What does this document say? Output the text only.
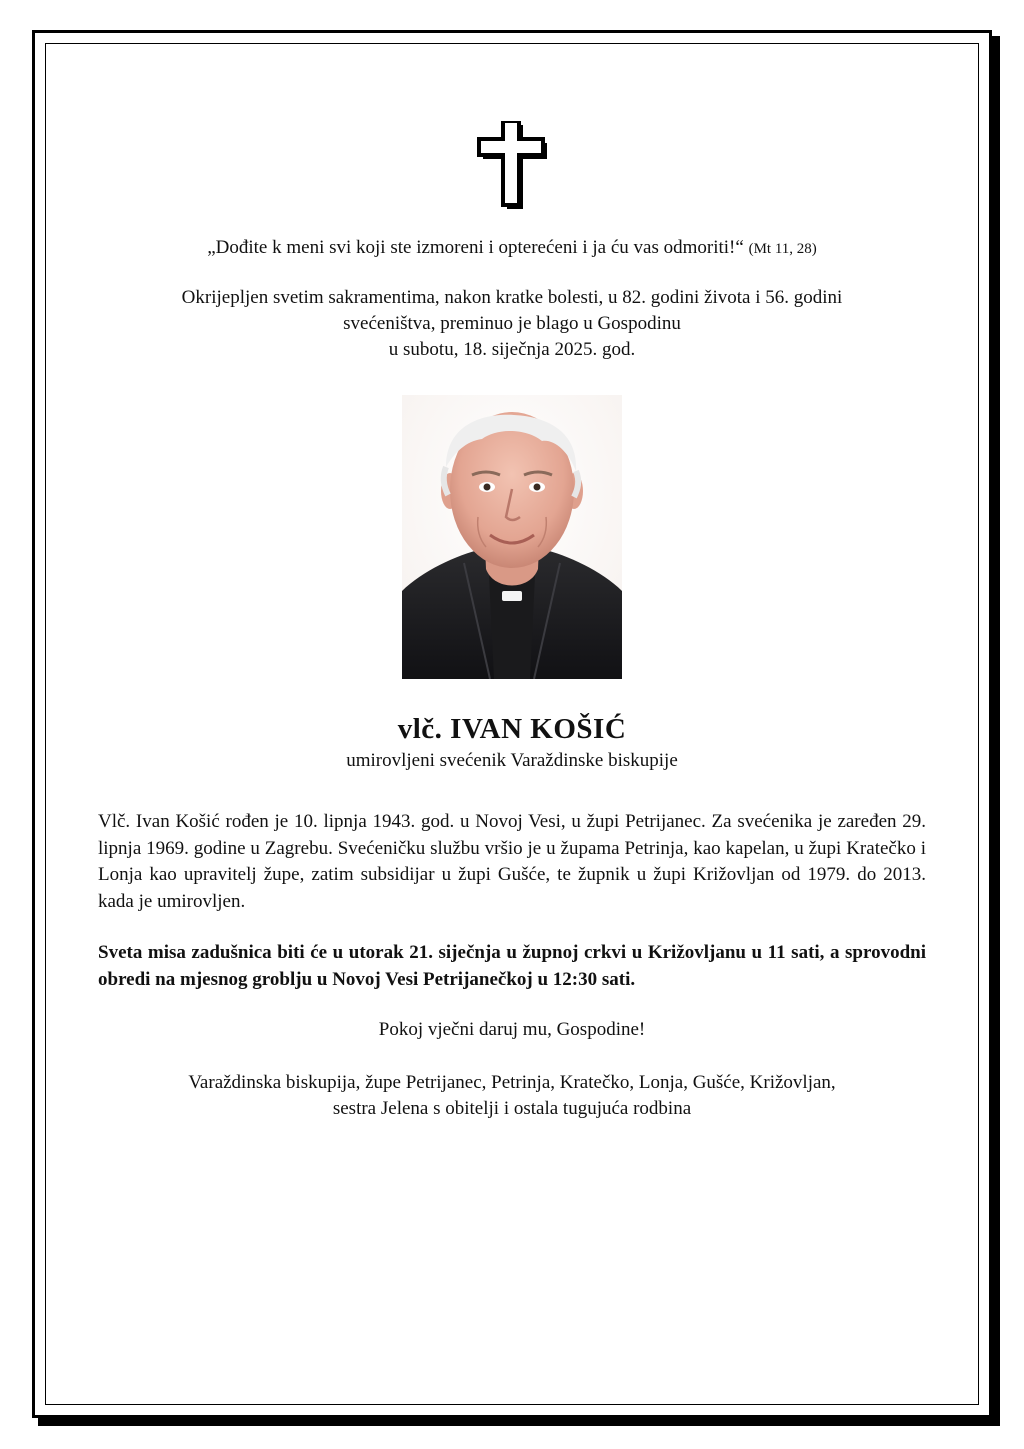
„Dođite k meni svi koji ste izmoreni i opterećeni i ja ću vas odmoriti!“ (Mt 11, 28)
Okrijepljen svetim sakramentima, nakon kratke bolesti, u 82. godini života i 56. godini
svećeništva, preminuo je blago u Gospodinu
u subotu, 18. siječnja 2025. god.
vlč. IVAN KOŠIĆ
umirovljeni svećenik Varaždinske biskupije
Vlč. Ivan Košić rođen je 10. lipnja 1943. god. u Novoj Vesi, u župi Petrijanec. Za svećenika je zaređen 29. lipnja 1969. godine u Zagrebu. Svećeničku službu vršio je u župama Petrinja, kao kapelan, u župi Kratečko i Lonja kao upravitelj župe, zatim subsidijar u župi Gušće, te župnik u župi Križovljan od 1979. do 2013. kada je umirovljen.
Sveta misa zadušnica biti će u utorak 21. siječnja u župnoj crkvi u Križovljanu u 11 sati, a sprovodni obredi na mjesnog groblju u Novoj Vesi Petrijanečkoj u 12:30 sati.
Pokoj vječni daruj mu, Gospodine!
Varaždinska biskupija, župe Petrijanec, Petrinja, Kratečko, Lonja, Gušće, Križovljan,
sestra Jelena s obitelji i ostala tugujuća rodbina
